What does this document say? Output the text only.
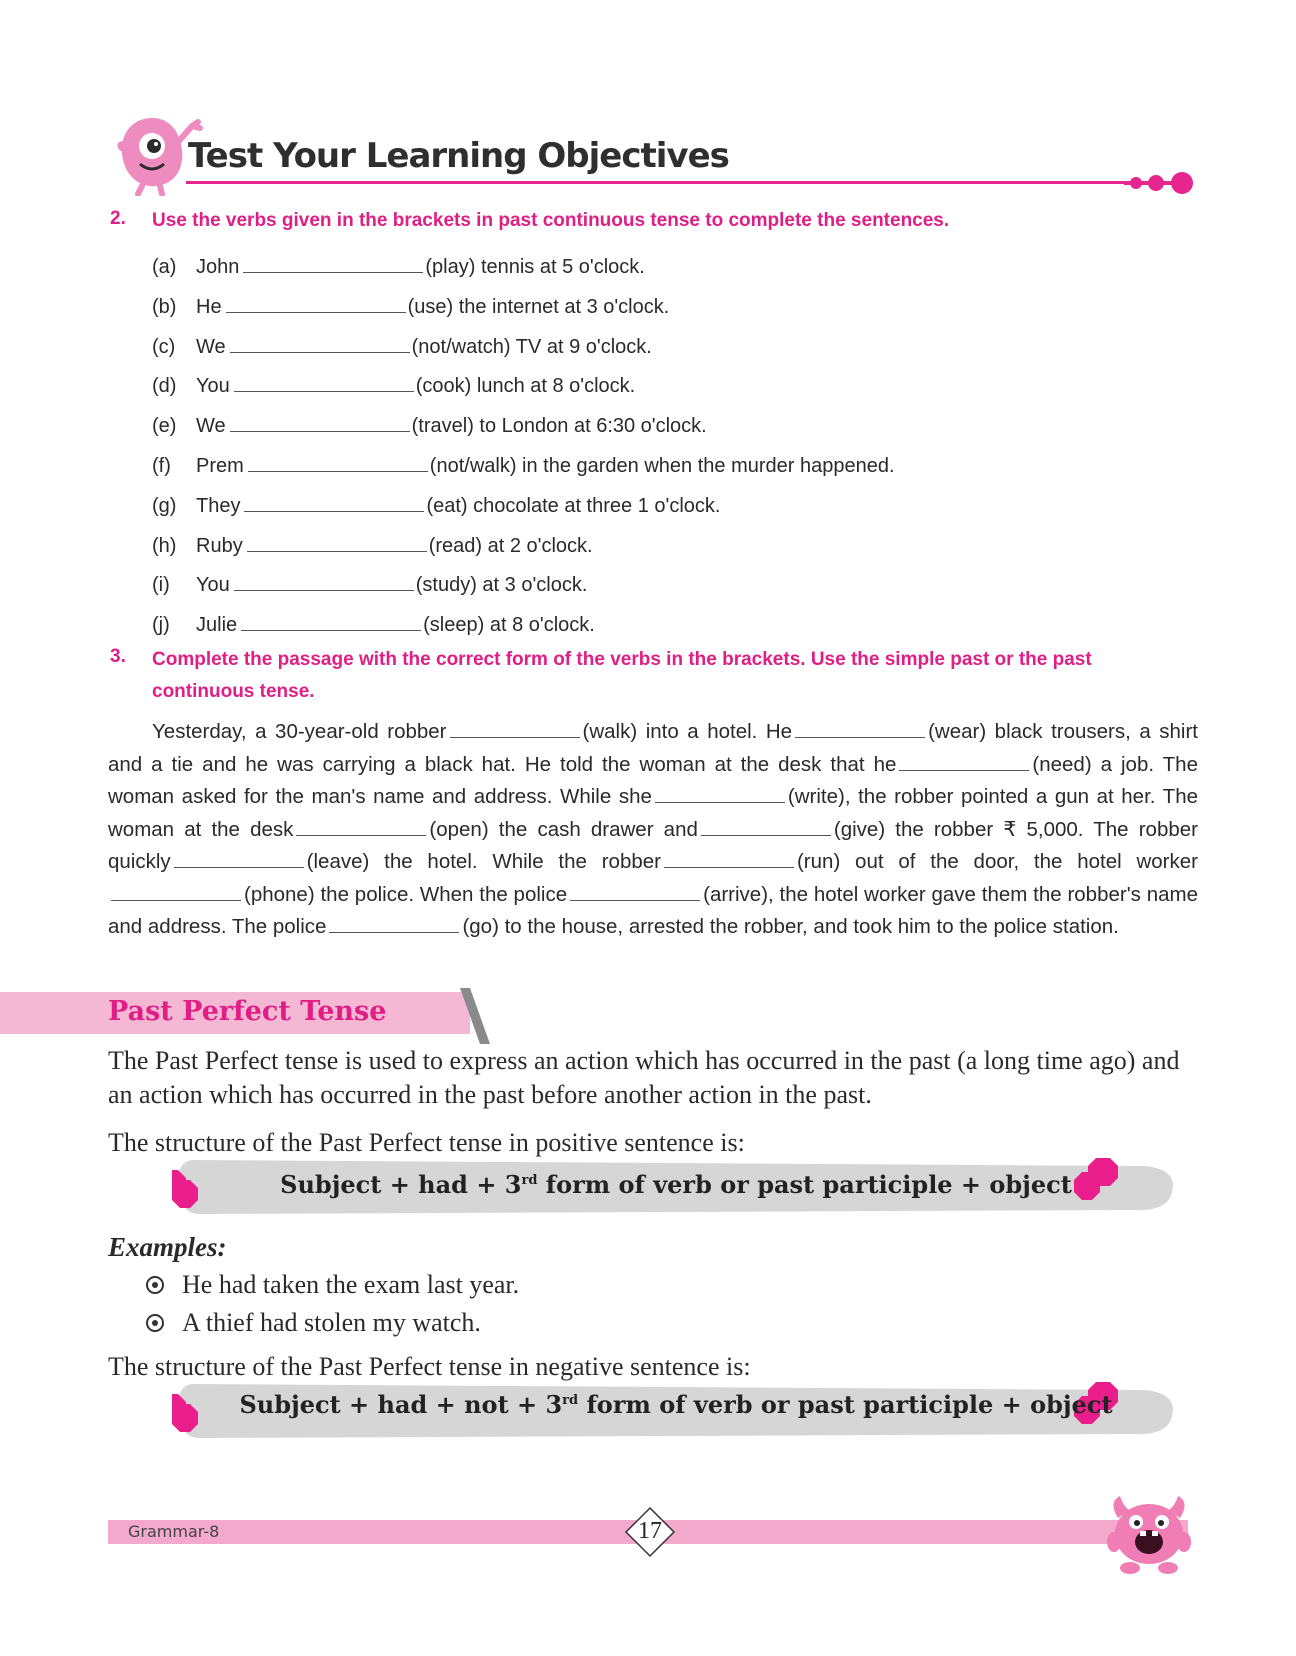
Test Your Learning Objectives
2. Use the verbs given in the brackets in past continuous tense to complete the sentences.
(a) John	(play) tennis at 5 o'clock.
(b) He	(use) the internet at 3 o'clock.
(c) We	(not/watch) TV at 9 o'clock.
(d) You	(cook) lunch at 8 o'clock.
(e) We	(travel) to London at 6:30 o'clock.
(f) Prem	(not/walk) in the garden when the murder happened.
(g) They	(eat) chocolate at three 1 o'clock.
(h) Ruby	(read) at 2 o'clock.
(i) You	(study) at 3 o'clock.
(j) Julie	(sleep) at 8 o'clock.
3. Complete the passage with the correct form of the verbs in the brackets. Use the simple past or the past continuous tense.
Yesterday, a 30-year-old robber	(walk) into a hotel. He	(wear) black trousers, a shirt and a tie and he was carrying a black hat. He told the woman at the desk that he	(need) a job. The woman asked for the man's name and address. While she	(write), the robber pointed a gun at her. The woman at the desk	(open) the cash drawer and	(give) the robber ₹ 5,000. The robber quickly	(leave) the hotel. While the robber	(run) out of the door, the hotel worker(phone) the police. When the police	(arrive), the hotel worker gave them the robber's name and address. The police	(go) to the house, arrested the robber, and took him to the police station.
Past Perfect Tense
The Past Perfect tense is used to express an action which has occurred in the past (a long time ago) and an action which has occurred in the past before another action in the past.
The structure of the Past Perfect tense in positive sentence is:
Subject + had + 3rd form of verb or past participle + object
Examples:
He had taken the exam last year.
A thief had stolen my watch.
The structure of the Past Perfect tense in negative sentence is:
Subject + had + not + 3rd form of verb or past participle + object
Grammar-8	17
